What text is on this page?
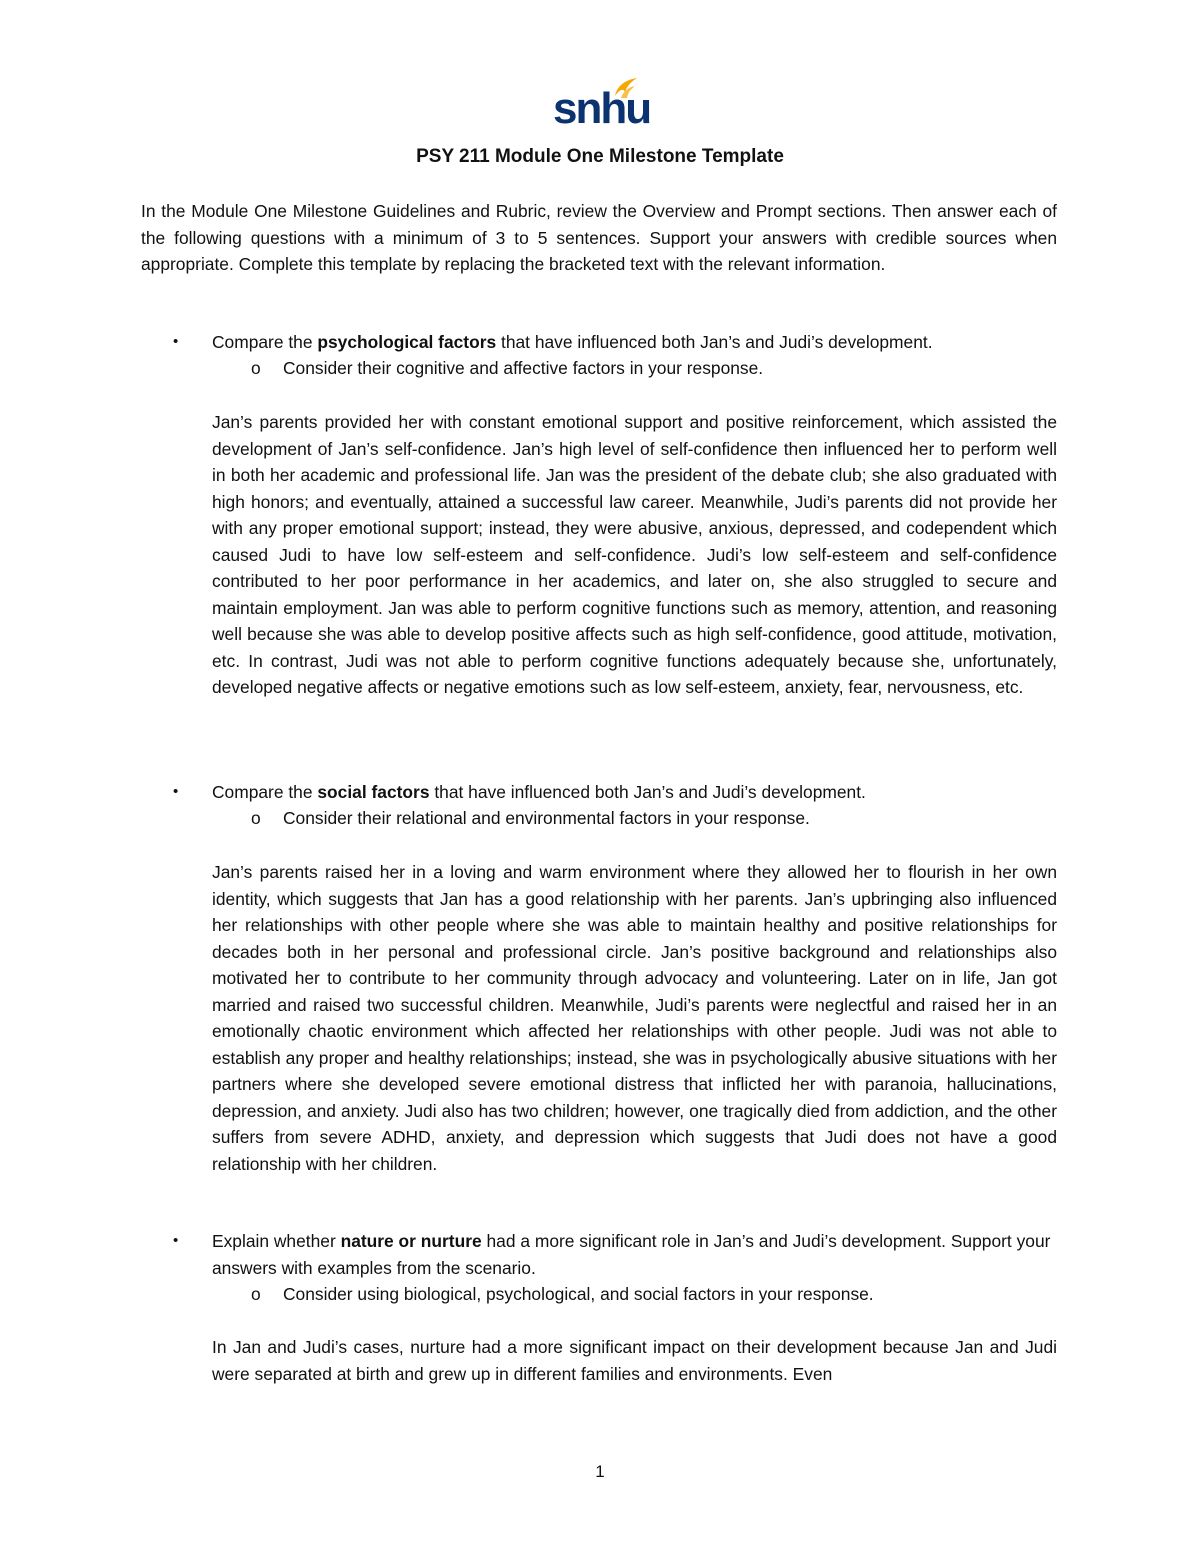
snhu
PSY 211 Module One Milestone Template

In the Module One Milestone Guidelines and Rubric, review the Overview and Prompt sections. Then answer each of the following questions with a minimum of 3 to 5 sentences. Support your answers with credible sources when appropriate. Complete this template by replacing the bracketed text with the relevant information.

• Compare the psychological factors that have influenced both Jan’s and Judi’s development.

o Consider their cognitive and affective factors in your response.

Jan’s parents provided her with constant emotional support and positive reinforcement, which assisted the development of Jan’s self-confidence. Jan’s high level of self-confidence then influenced her to perform well in both her academic and professional life. Jan was the president of the debate club; she also graduated with high honors; and eventually, attained a successful law career. Meanwhile, Judi’s parents did not provide her with any proper emotional support; instead, they were abusive, anxious, depressed, and codependent which caused Judi to have low self-esteem and self-confidence. Judi’s low self-esteem and self-confidence contributed to her poor performance in her academics, and later on, she also struggled to secure and maintain employment. Jan was able to perform cognitive functions such as memory, attention, and reasoning well because she was able to develop positive affects such as high self-confidence, good attitude, motivation, etc. In contrast, Judi was not able to perform cognitive functions adequately because she, unfortunately, developed negative affects or negative emotions such as low self-esteem, anxiety, fear, nervousness, etc.

• Compare the social factors that have influenced both Jan’s and Judi’s development.

o Consider their relational and environmental factors in your response.

Jan’s parents raised her in a loving and warm environment where they allowed her to flourish in her own identity, which suggests that Jan has a good relationship with her parents. Jan’s upbringing also influenced her relationships with other people where she was able to maintain healthy and positive relationships for decades both in her personal and professional circle. Jan’s positive background and relationships also motivated her to contribute to her community through advocacy and volunteering. Later on in life, Jan got married and raised two successful children. Meanwhile, Judi’s parents were neglectful and raised her in an emotionally chaotic environment which affected her relationships with other people. Judi was not able to establish any proper and healthy relationships; instead, she was in psychologically abusive situations with her partners where she developed severe emotional distress that inflicted her with paranoia, hallucinations, depression, and anxiety. Judi also has two children; however, one tragically died from addiction, and the other suffers from severe ADHD, anxiety, and depression which suggests that Judi does not have a good relationship with her children.

• Explain whether nature or nurture had a more significant role in Jan’s and Judi’s development. Support your answers with examples from the scenario.

o Consider using biological, psychological, and social factors in your response.

In Jan and Judi’s cases, nurture had a more significant impact on their development because Jan and Judi were separated at birth and grew up in different families and environments. Even

1
